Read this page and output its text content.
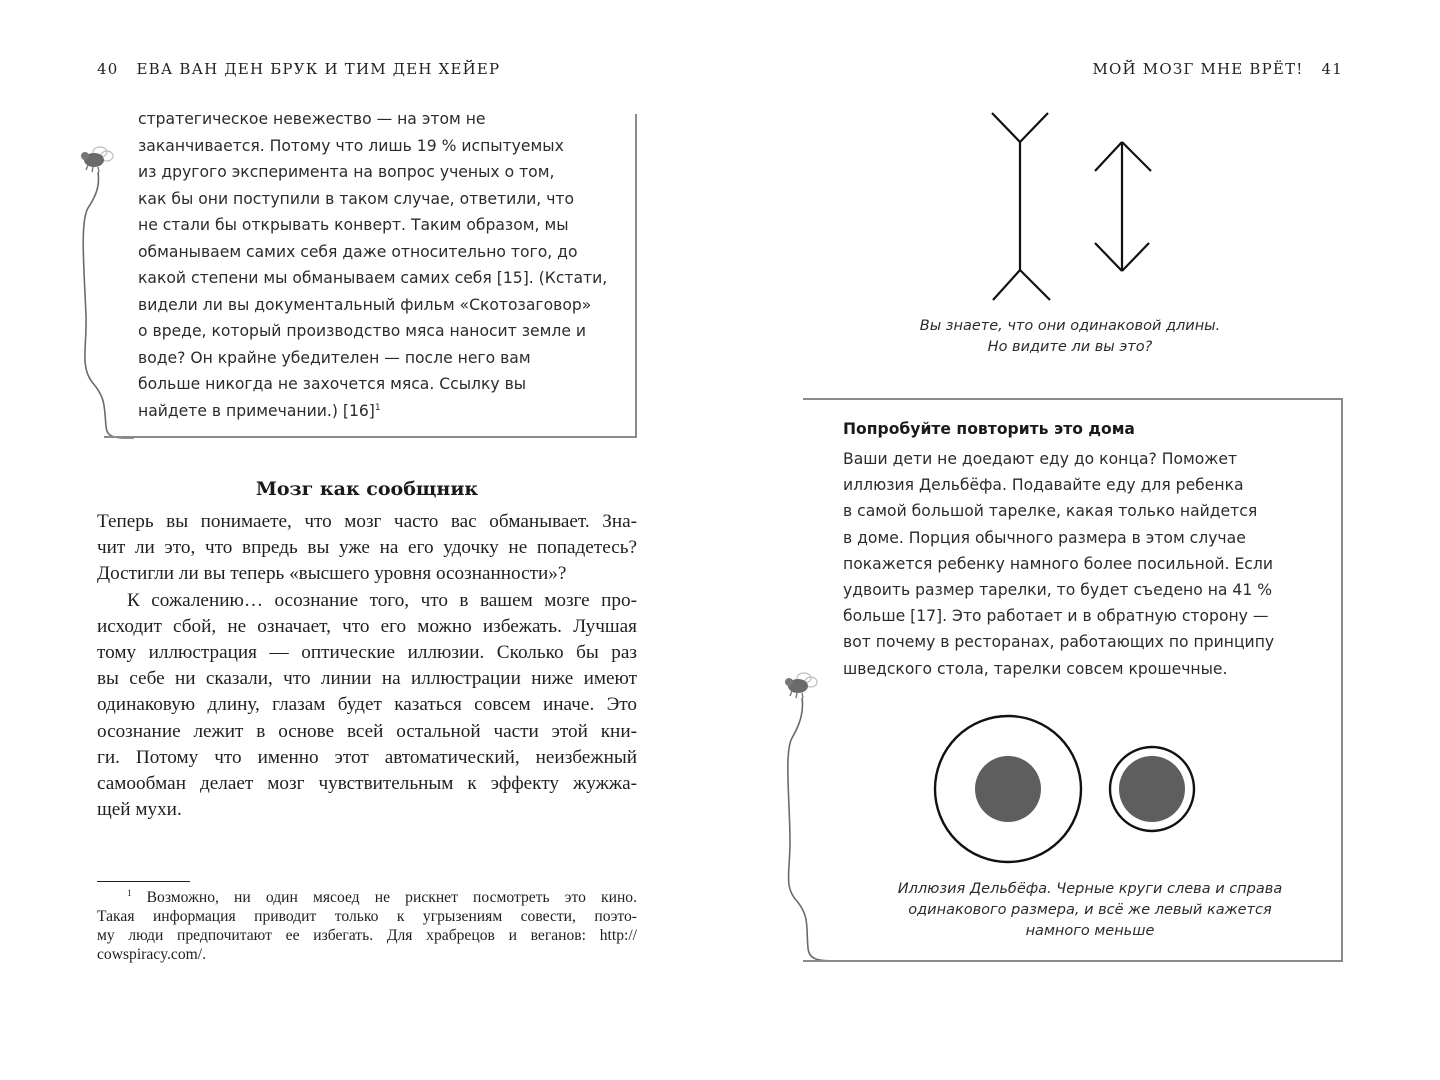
40 ЕВА ВАН ДЕН БРУК И ТИМ ДЕН ХЕЙЕР

стратегическое невежество — на этом не

заканчивается. Потому что лишь 19 % испытуемых

из другого эксперимента на вопрос ученых о том,

как бы они поступили в таком случае, ответили, что

не стали бы открывать конверт. Таким образом, мы

обманываем самих себя даже относительно того, до

какой степени мы обманываем самих себя [15]. (Кстати,

видели ли вы документальный фильм «Скотозаговор»

о вреде, который производство мяса наносит земле и

воде? Он крайне убедителен — после него вам

больше никогда не захочется мяса. Ссылку вы

найдете в примечании.) [16]$^1$

Мозг как сообщник

Теперь вы понимаете, что мозг часто вас обманывает. Зна-

чит ли это, что впредь вы уже на его удочку не попадетесь?

Достигли ли вы теперь «высшего уровня осознанности»?

К сожалению… осознание того, что в вашем мозге про-

исходит сбой, не означает, что его можно избежать. Лучшая

тому иллюстрация — оптические иллюзии. Сколько бы раз

вы себе ни сказали, что линии на иллюстрации ниже имеют

одинаковую длину, глазам будет казаться совсем иначе. Это

осознание лежит в основе всей остальной части этой кни-

ги. Потому что именно этот автоматический, неизбежный

самообман делает мозг чувствительным к эффекту жужжа-

щей мухи.

$^1$ Возможно, ни один мясоед не рискнет посмотреть это кино.

Такая информация приводит только к угрызениям совести, поэто-

му люди предпочитают ее избегать. Для храбрецов и веганов: http://

cowspiracy.com/.

МОЙ МОЗГ МНЕ ВРЁТ! 41
Вы знаете, что они одинаковой длины.
Но видите ли вы это?
Попробуйте повторить это дома

Ваши дети не доедают еду до конца? Поможет

иллюзия Дельбёфа. Подавайте еду для ребенка

в самой большой тарелке, какая только найдется

в доме. Порция обычного размера в этом случае

покажется ребенку намного более посильной. Если

удвоить размер тарелки, то будет съедено на 41 %

больше [17]. Это работает и в обратную сторону —

вот почему в ресторанах, работающих по принципу

шведского стола, тарелки совсем крошечные.

Иллюзия Дельбёфа. Черные круги слева и справа
одинакового размера, и всё же левый кажется
намного меньше
